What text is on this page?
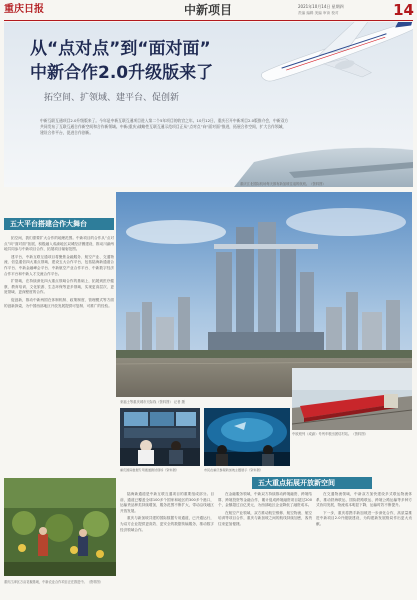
重庆日报	中新项目	2021年10月14日 星期四
责编 编辑 美编 审读 校对	14
从“点对点”到“面对面”
中新合作2.0升级版来了
拓空间、扩领域、建平台、促创新
中新互联互通项目2.0升级版来了。今年是中新互联互通项目进入第二个5年项目的收官之年。10月12日，重庆召开中新项目2.0版推介会，中新双方共同发布了互联互通合作新空间和合作新领域。中新(重庆)战略性互联互通示范项目正从“点对点”向“面对面”推进，拓展合作空间，扩大合作领域，建设合作平台，促进合作创新。
重庆江北国际机场每天都有新加坡往返的航班。（资料图）
五大平台搭建合作大舞台

拓空间，我们需要扩大合作的地理范围。中新项目的合作从“点对点”向“面对面”拓展，积极融入成渝地区双城经济圈建设，推动川渝两地共同参与中新项目合作，拓展项目辐射范围。

建平台，中新互联互通项目将聚焦金融服务、航空产业、交通物流、信息通信四大重点领域，建设五大合作平台，包括陆海新通道合作平台、中新金融峰会平台、中新航空产业合作平台、中新数字经济合作平台和中新人才交流合作平台。

扩领域，在持续深化四大重点领域合作的基础上，拓展到医疗健康、教育培训、文化旅游、生态环保等更多领域，实现更高层次、更宽领域、更深程度的合作。

促创新，推动中新两国在体制机制、政策制度、管理模式等方面的创新探索，为中国西部地区开放发展提供可复制、可推广的经验。

来福士等重庆城市天际线（资料图） 记者 摄
中欧班列（成渝）号列车驶出团结村站。（资料图）
重庆国际数据专用通道测试现场（资料图）	市民在重庆参观新加坡主题展示（资料图）
重庆江津区万亩花椒基地，中新农业合作项目正在推进中。（资料图）
五大重点拓展开放新空间

陆海新通道是中新互联互通项目的重要组成部分。目前，通道已覆盖全球100多个国家和地区的300多个港口，运输货品种类持续增加，服务范围不断扩大，带动沿线地区开放发展。

重庆与新加坡共建的国际数据专用通道，已开通运行，为双方企业提供更高效、更安全的数据传输服务，推动数字经济领域合作。

在金融服务领域，中新双方持续推动跨境融资、跨境结算、跨境投资等金融合作，累计促成跨境融资项目超过200个，金额超过百亿美元，为西部地区企业降低了融资成本。

在航空产业领域，双方推动航空维修、航空物流、航空培训等项目合作，重庆与新加坡之间的航线持续加密，客货往来更加便捷。

在交通物流领域，中新双方加快建设多式联运物流体系，推动铁海联运、国际铁路联运、跨境公路运输等多种方式协同发展，物流成本明显下降，运输时效不断提升。

下一步，重庆将携手新加坡进一步深化合作，高质量推进中新项目2.0升级版建设，为构建新发展格局作出更大贡献。
